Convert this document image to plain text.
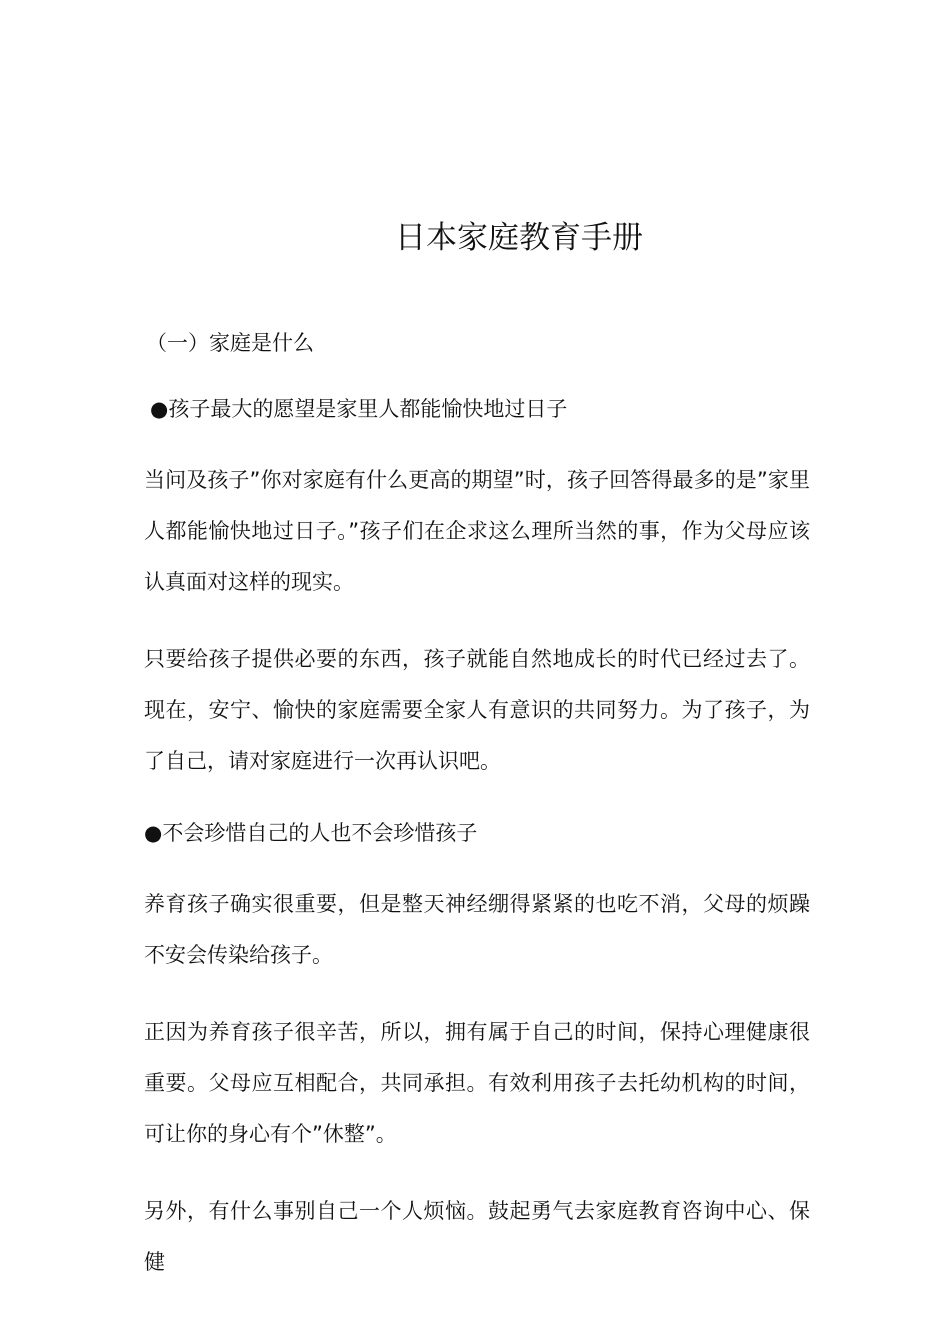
日本家庭教育手册
（一）家庭是什么
●孩子最大的愿望是家里人都能愉快地过日子

当问及孩子”你对家庭有什么更高的期望”时，孩子回答得最多的是”家里人都能愉快地过日子。”孩子们在企求这么理所当然的事，作为父母应该认真面对这样的现实。

只要给孩子提供必要的东西，孩子就能自然地成长的时代已经过去了。现在，安宁、愉快的家庭需要全家人有意识的共同努力。为了孩子，为了自己，请对家庭进行一次再认识吧。

●不会珍惜自己的人也不会珍惜孩子

养育孩子确实很重要，但是整天神经绷得紧紧的也吃不消，父母的烦躁不安会传染给孩子。

正因为养育孩子很辛苦，所以，拥有属于自己的时间，保持心理健康很重要。父母应互相配合，共同承担。有效利用孩子去托幼机构的时间，可让你的身心有个”休整”。

另外，有什么事别自己一个人烦恼。鼓起勇气去家庭教育咨询中心、保健
